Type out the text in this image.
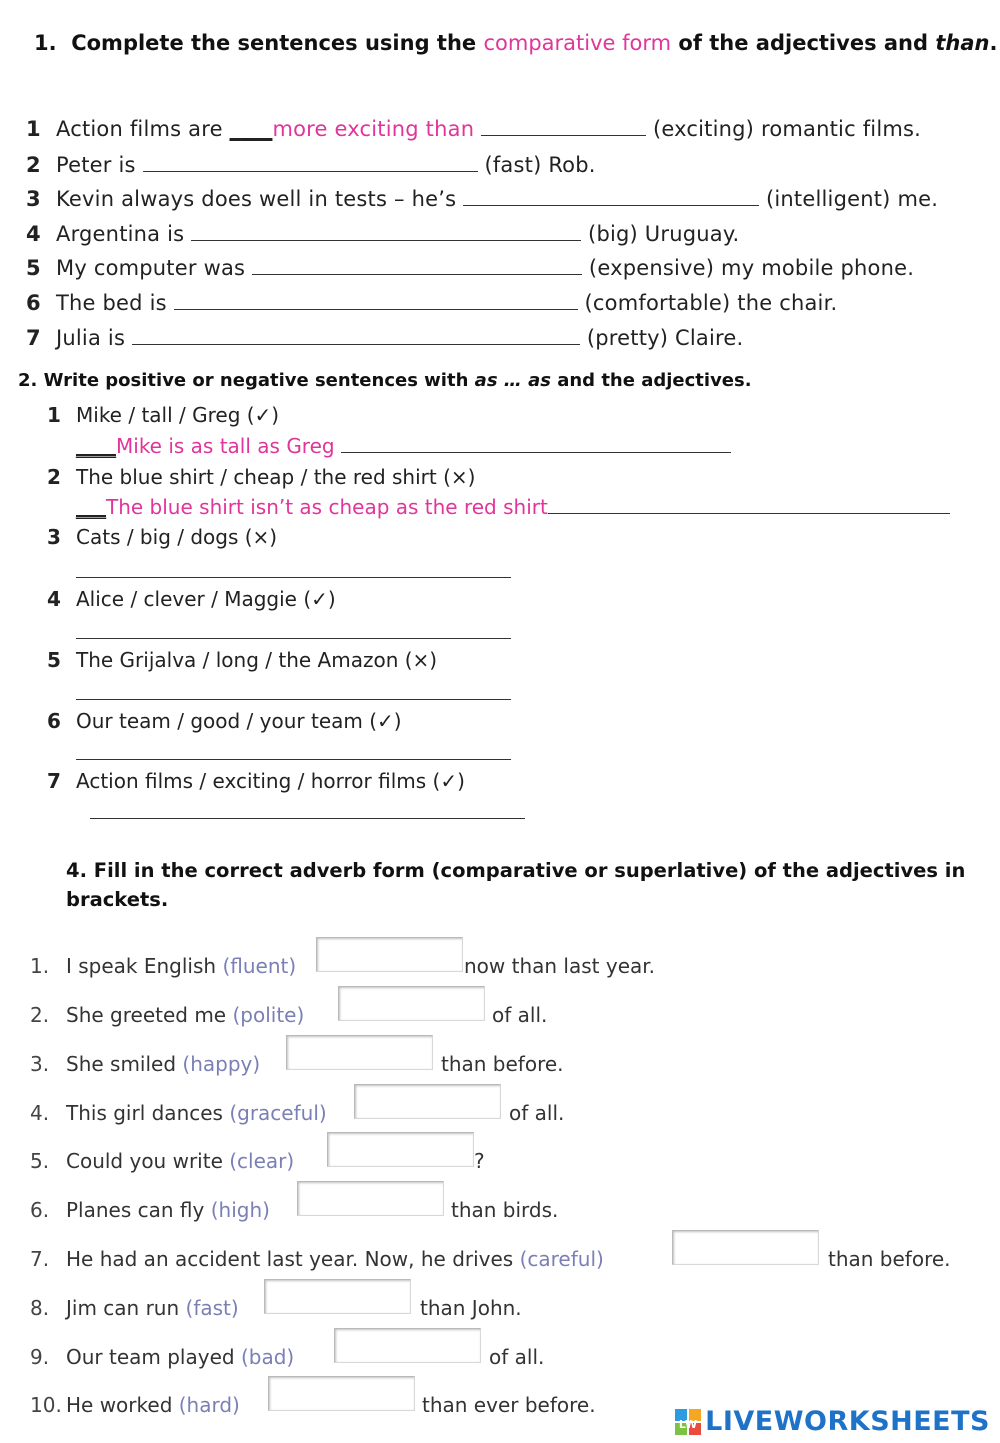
1. Complete the sentences using the comparative form of the adjectives and than.
1 Action films are ____more exciting than	(exciting) romantic films.
2 Peter is	(fast) Rob.
3 Kevin always does well in tests – he’s	(intelligent) me.
4 Argentina is	(big) Uruguay.
5 My computer was	(expensive) my mobile phone.
6 The bed is	(comfortable) the chair.
7 Julia is	(pretty) Claire.
2. Write positive or negative sentences with as … as and the adjectives.
1 Mike / tall / Greg (✓)
____Mike is as tall as Greg
2 The blue shirt / cheap / the red shirt (×)
___The blue shirt isn’t as cheap as the red shirt
3 Cats / big / dogs (×)
4 Alice / clever / Maggie (✓)
5 The Grijalva / long / the Amazon (×)
6 Our team / good / your team (✓)
7 Action films / exciting / horror films (✓)
4. Fill in the correct adverb form (comparative or superlative) of the adjectives in
brackets.
1. I speak English (fluent)	now than last year.
2. She greeted me (polite)	of all.
3. She smiled (happy)	than before.
4. This girl dances (graceful)	of all.
5. Could you write (clear)	?
6. Planes can fly (high)	than birds.
7. He had an accident last year. Now, he drives (careful)	than before.
8. Jim can run (fast)	than John.
9. Our team played (bad)	of all.
10. He worked (hard)	than ever before.
LW LIVEWORKSHEETS
